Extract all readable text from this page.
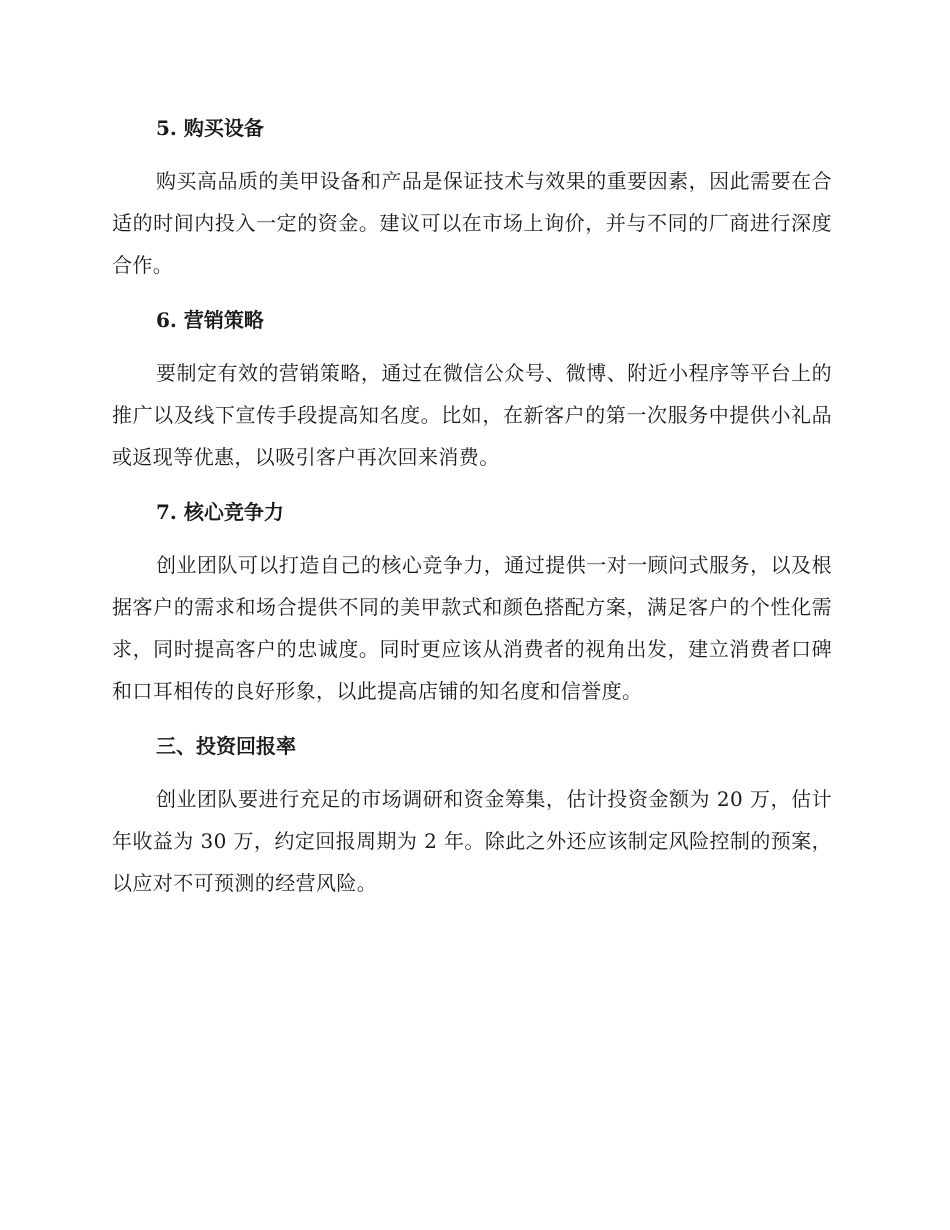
5. 购买设备

购买高品质的美甲设备和产品是保证技术与效果的重要因素，因此需要在合适的时间内投入一定的资金。建议可以在市场上询价，并与不同的厂商进行深度合作。

6. 营销策略

要制定有效的营销策略，通过在微信公众号、微博、附近小程序等平台上的推广以及线下宣传手段提高知名度。比如，在新客户的第一次服务中提供小礼品或返现等优惠，以吸引客户再次回来消费。

7. 核心竞争力

创业团队可以打造自己的核心竞争力，通过提供一对一顾问式服务，以及根据客户的需求和场合提供不同的美甲款式和颜色搭配方案，满足客户的个性化需求，同时提高客户的忠诚度。同时更应该从消费者的视角出发，建立消费者口碑和口耳相传的良好形象，以此提高店铺的知名度和信誉度。

三、投资回报率

创业团队要进行充足的市场调研和资金筹集，估计投资金额为 20 万，估计年收益为 30 万，约定回报周期为 2 年。除此之外还应该制定风险控制的预案，以应对不可预测的经营风险。
